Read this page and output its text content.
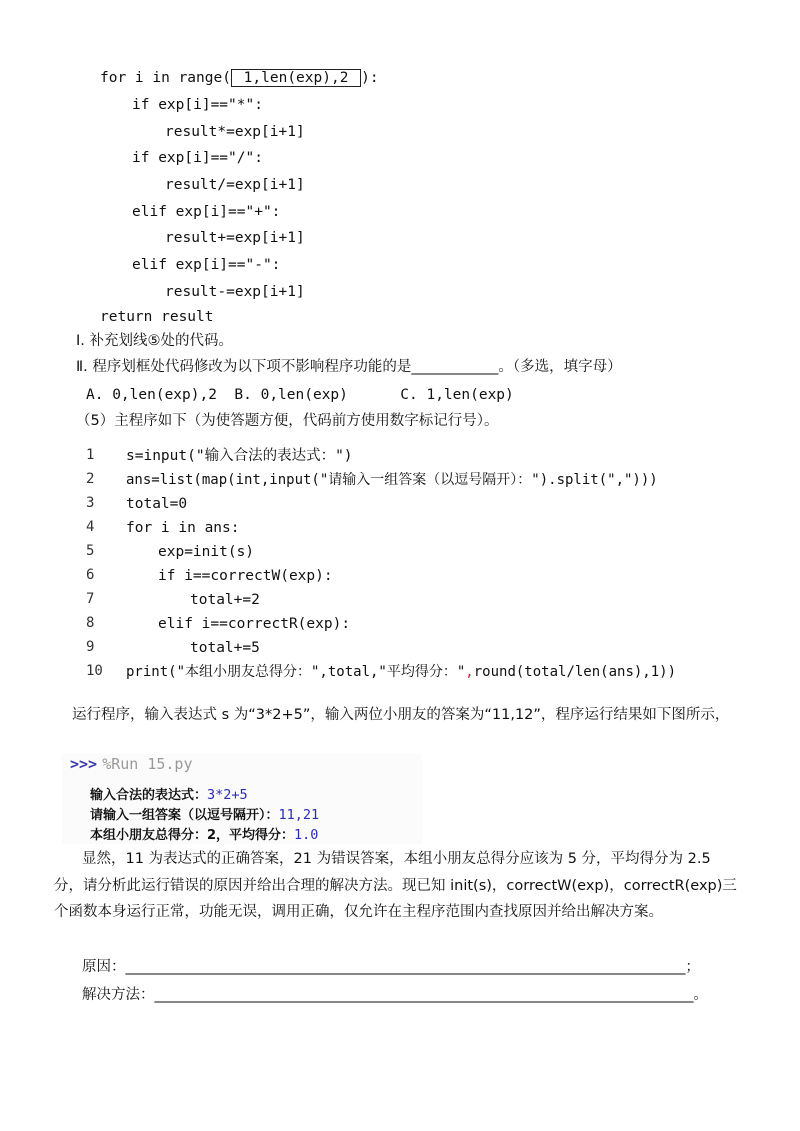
for i in range( 1,len(exp),2 ):
if exp[i]=="*":
result*=exp[i+1]
if exp[i]=="/":
result/=exp[i+1]
elif exp[i]=="+":
result+=exp[i+1]
elif exp[i]=="-":
result-=exp[i+1]
return result
Ⅰ. 补充划线⑤处的代码。
Ⅱ. 程序划框处代码修改为以下项不影响程序功能的是____________。（多选，填字母）
A. 0,len(exp),2  B. 0,len(exp)      C. 1,len(exp)
（5）主程序如下（为使答题方便，代码前方使用数字标记行号）。
1	s=input("输入合法的表达式：")
2	ans=list(map(int,input("请输入一组答案（以逗号隔开）：").split(",")))
3	total=0
4	for i in ans:
5	exp=init(s)
6	if i==correctW(exp):
7	total+=2
8	elif i==correctR(exp):
9	total+=5
10	print("本组小朋友总得分：",total,"平均得分：",round(total/len(ans),1))
运行程序，输入表达式 s 为“3*2+5”，输入两位小朋友的答案为“11,12”，程序运行结果如下图所示，
>>> %Run 15.py
输入合法的表达式：3*2+5
请输入一组答案（以逗号隔开）：11,21
本组小朋友总得分：2，平均得分：1.0
显然，11 为表达式的正确答案，21 为错误答案，本组小朋友总得分应该为 5 分，平均得分为 2.5 分，请分析此运行错误的原因并给出合理的解决方法。现已知 init(s)，correctW(exp)，correctR(exp)三个函数本身运行正常，功能无误，调用正确，仅允许在主程序范围内查找原因并给出解决方案。
原因：________________________________________________________________________________；
解决方法：_____________________________________________________________________________。
